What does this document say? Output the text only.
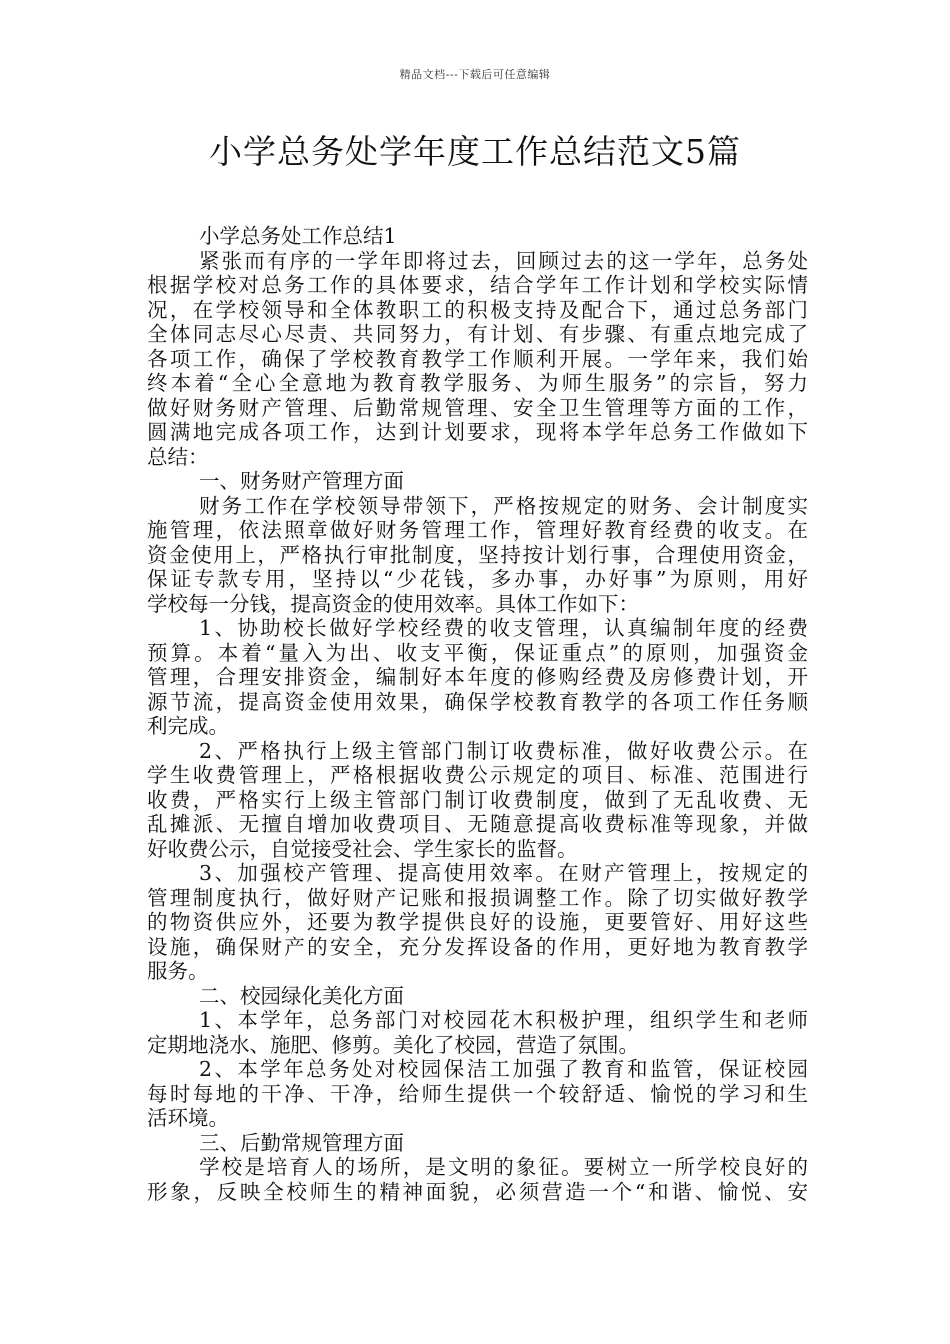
精品文档---下载后可任意编辑
小学总务处学年度工作总结范文5篇
小学总务处工作总结1
紧张而有序的一学年即将过去，回顾过去的这一学年，总务处
根据学校对总务工作的具体要求，结合学年工作计划和学校实际情
况，在学校领导和全体教职工的积极支持及配合下，通过总务部门
全体同志尽心尽责、共同努力，有计划、有步骤、有重点地完成了
各项工作，确保了学校教育教学工作顺利开展。一学年来，我们始
终本着“全心全意地为教育教学服务、为师生服务”的宗旨，努力
做好财务财产管理、后勤常规管理、安全卫生管理等方面的工作，
圆满地完成各项工作，达到计划要求，现将本学年总务工作做如下
总结：
一、财务财产管理方面
财务工作在学校领导带领下，严格按规定的财务、会计制度实
施管理，依法照章做好财务管理工作，管理好教育经费的收支。在
资金使用上，严格执行审批制度，坚持按计划行事，合理使用资金，
保证专款专用，坚持以“少花钱，多办事，办好事”为原则，用好
学校每一分钱，提高资金的使用效率。具体工作如下：
1、协助校长做好学校经费的收支管理，认真编制年度的经费
预算。本着“量入为出、收支平衡，保证重点”的原则，加强资金
管理，合理安排资金，编制好本年度的修购经费及房修费计划，开
源节流，提高资金使用效果，确保学校教育教学的各项工作任务顺
利完成。
2、严格执行上级主管部门制订收费标准，做好收费公示。在
学生收费管理上，严格根据收费公示规定的项目、标准、范围进行
收费，严格实行上级主管部门制订收费制度，做到了无乱收费、无
乱摊派、无擅自增加收费项目、无随意提高收费标准等现象，并做
好收费公示，自觉接受社会、学生家长的监督。
3、加强校产管理、提高使用效率。在财产管理上，按规定的
管理制度执行，做好财产记账和报损调整工作。除了切实做好教学
的物资供应外，还要为教学提供良好的设施，更要管好、用好这些
设施，确保财产的安全，充分发挥设备的作用，更好地为教育教学
服务。
二、校园绿化美化方面
1、本学年，总务部门对校园花木积极护理，组织学生和老师
定期地浇水、施肥、修剪。美化了校园，营造了氛围。
2、本学年总务处对校园保洁工加强了教育和监管，保证校园
每时每地的干净、干净，给师生提供一个较舒适、愉悦的学习和生
活环境。
三、后勤常规管理方面
学校是培育人的场所，是文明的象征。要树立一所学校良好的
形象，反映全校师生的精神面貌，必须营造一个“和谐、愉悦、安
